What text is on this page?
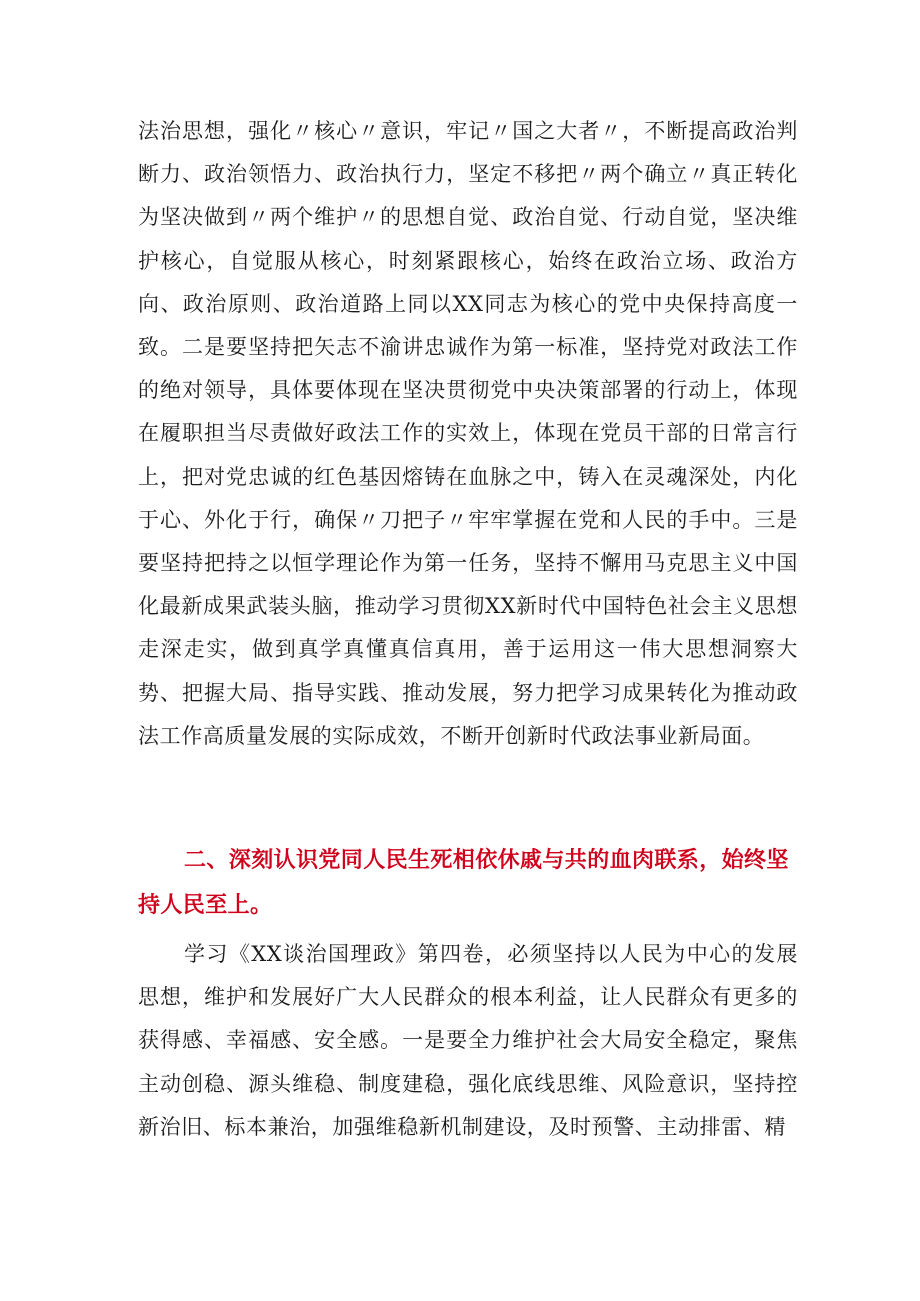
法治思想，强化〃核心〃意识，牢记〃国之大者〃，不断提高政治判断力、政治领悟力、政治执行力，坚定不移把〃两个确立〃真正转化为坚决做到〃两个维护〃的思想自觉、政治自觉、行动自觉，坚决维护核心，自觉服从核心，时刻紧跟核心，始终在政治立场、政治方向、政治原则、政治道路上同以XX同志为核心的党中央保持高度一致。二是要坚持把矢志不渝讲忠诚作为第一标准，坚持党对政法工作的绝对领导，具体要体现在坚决贯彻党中央决策部署的行动上，体现在履职担当尽责做好政法工作的实效上，体现在党员干部的日常言行上，把对党忠诚的红色基因熔铸在血脉之中，铸入在灵魂深处，内化于心、外化于行，确保〃刀把子〃牢牢掌握在党和人民的手中。三是要坚持把持之以恒学理论作为第一任务，坚持不懈用马克思主义中国化最新成果武装头脑，推动学习贯彻XX新时代中国特色社会主义思想走深走实，做到真学真懂真信真用，善于运用这一伟大思想洞察大势、把握大局、指导实践、推动发展，努力把学习成果转化为推动政法工作高质量发展的实际成效，不断开创新时代政法事业新局面。

二、深刻认识党同人民生死相依休戚与共的血肉联系，始终坚持人民至上。

学习《XX谈治国理政》第四卷，必须坚持以人民为中心的发展思想，维护和发展好广大人民群众的根本利益，让人民群众有更多的获得感、幸福感、安全感。一是要全力维护社会大局安全稳定，聚焦主动创稳、源头维稳、制度建稳，强化底线思维、风险意识，坚持控新治旧、标本兼治，加强维稳新机制建设，及时预警、主动排雷、精
